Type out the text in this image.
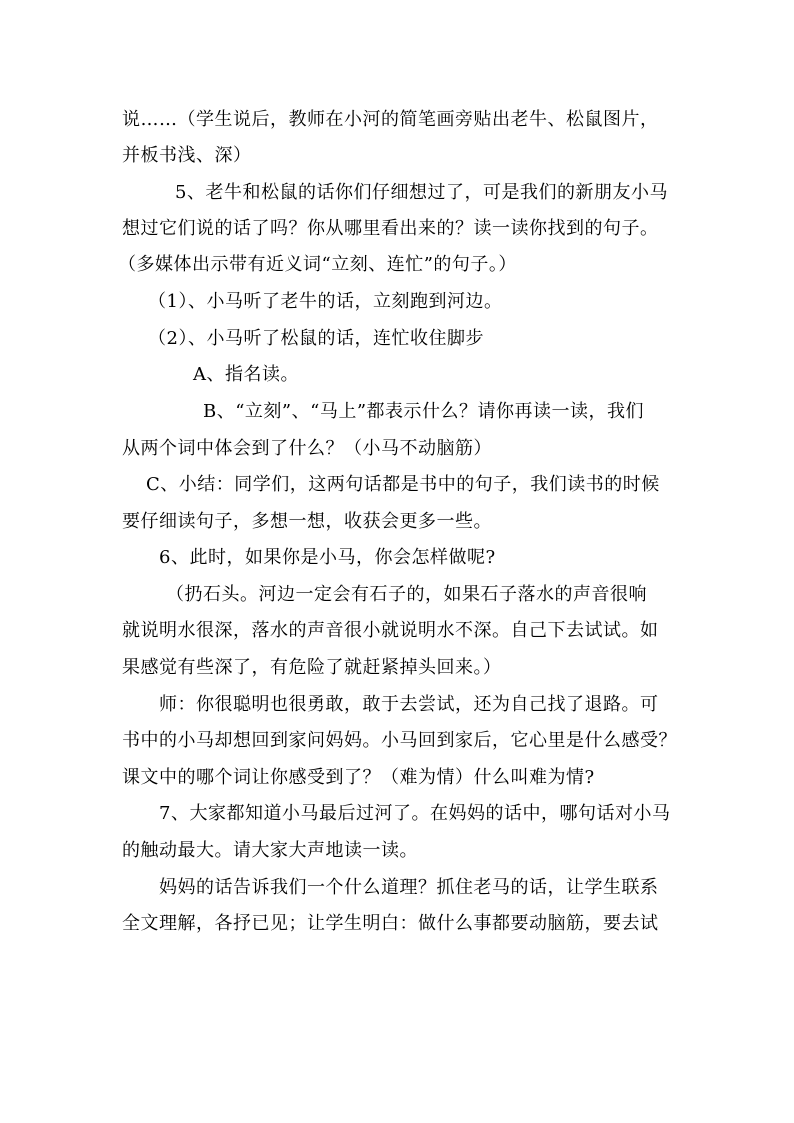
说……（学生说后，教师在小河的简笔画旁贴出老牛、松鼠图片，
并板书浅、深）
5、老牛和松鼠的话你们仔细想过了，可是我们的新朋友小马
想过它们说的话了吗？你从哪里看出来的？读一读你找到的句子。
（多媒体出示带有近义词“立刻、连忙”的句子。）
（1）、小马听了老牛的话，立刻跑到河边。
（2）、小马听了松鼠的话，连忙收住脚步
A、指名读。
B、“立刻”、“马上”都表示什么？请你再读一读，我们
从两个词中体会到了什么？（小马不动脑筋）
C、小结：同学们，这两句话都是书中的句子，我们读书的时候
要仔细读句子，多想一想，收获会更多一些。
6、此时，如果你是小马，你会怎样做呢?
（扔石头。河边一定会有石子的，如果石子落水的声音很响
就说明水很深，落水的声音很小就说明水不深。自己下去试试。如
果感觉有些深了，有危险了就赶紧掉头回来。）
师：你很聪明也很勇敢，敢于去尝试，还为自己找了退路。可
书中的小马却想回到家问妈妈。小马回到家后，它心里是什么感受？
课文中的哪个词让你感受到了？（难为情）什么叫难为情?
7、大家都知道小马最后过河了。在妈妈的话中，哪句话对小马
的触动最大。请大家大声地读一读。
妈妈的话告诉我们一个什么道理？抓住老马的话，让学生联系
全文理解，各抒已见；让学生明白：做什么事都要动脑筋，要去试
